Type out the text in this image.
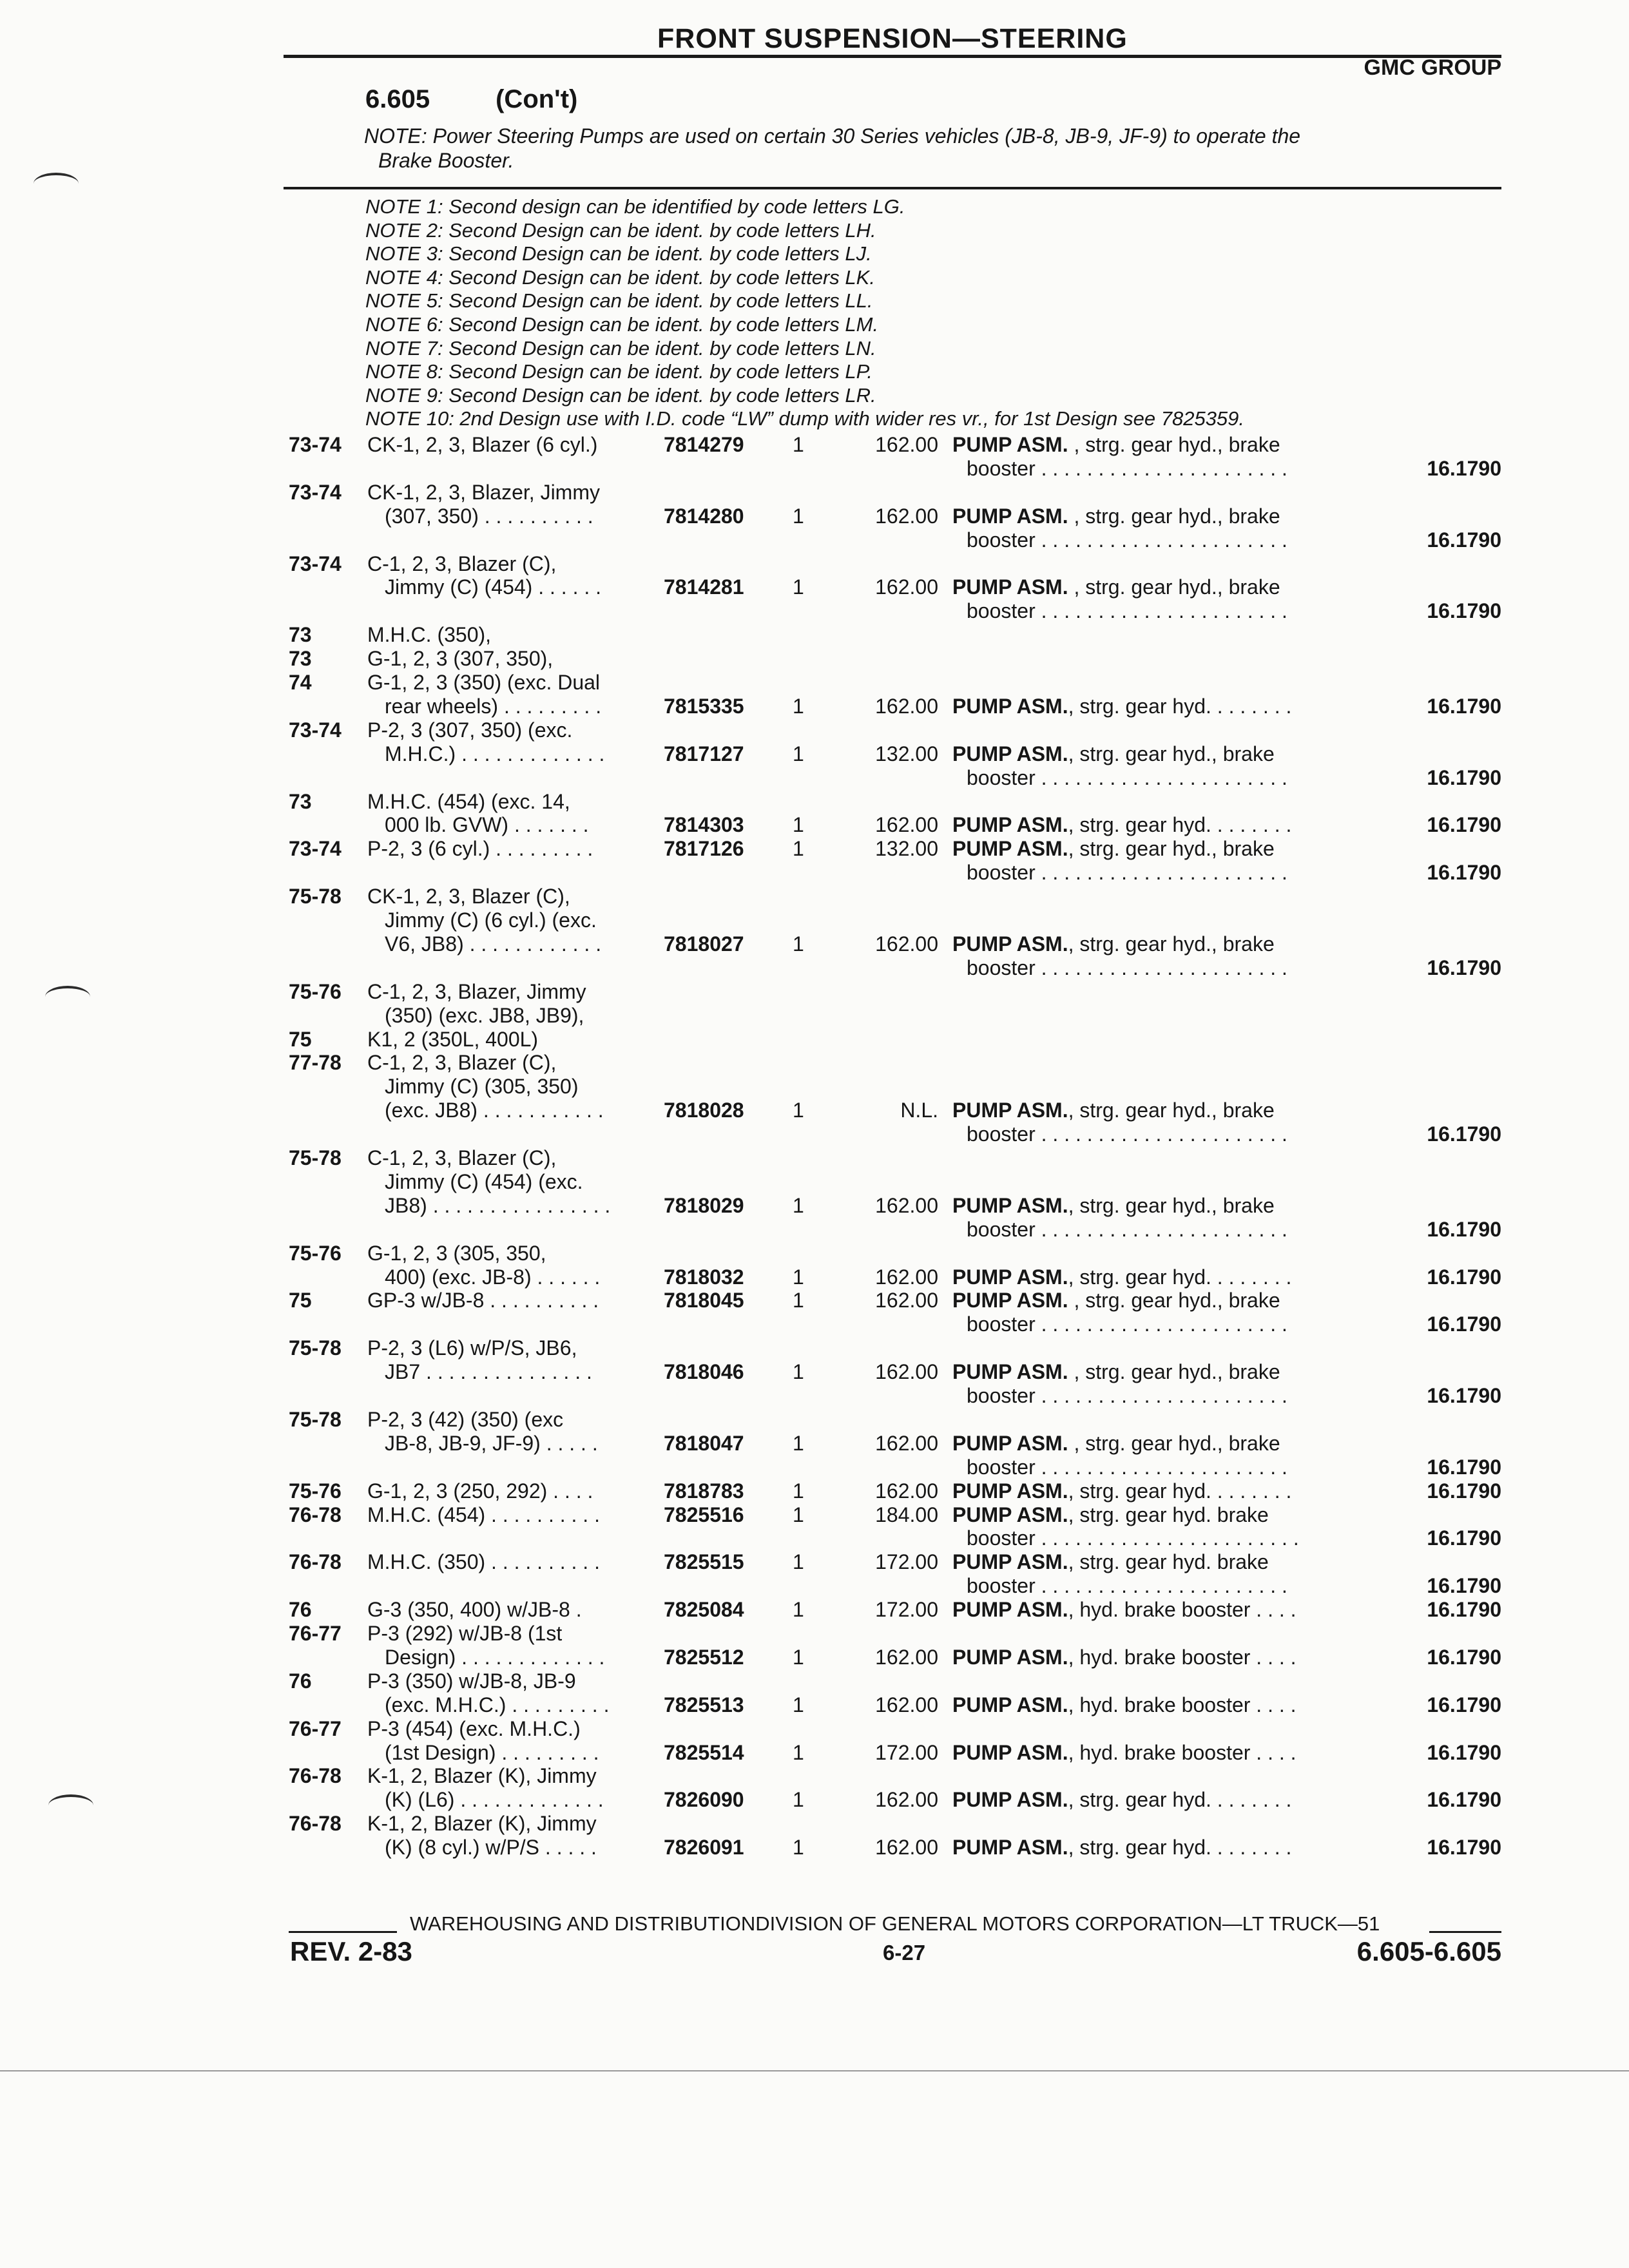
FRONT SUSPENSION—STEERING
GMC GROUP
6.605	(Con't)
NOTE: Power Steering Pumps are used on certain 30 Series vehicles (JB-8, JB-9, JF-9) to operate the
Brake Booster.
NOTE 1: Second design can be identified by code letters LG.
NOTE 2: Second Design can be ident. by code letters LH.
NOTE 3: Second Design can be ident. by code letters LJ.
NOTE 4: Second Design can be ident. by code letters LK.
NOTE 5: Second Design can be ident. by code letters LL.
NOTE 6: Second Design can be ident. by code letters LM.
NOTE 7: Second Design can be ident. by code letters LN.
NOTE 8: Second Design can be ident. by code letters LP.
NOTE 9: Second Design can be ident. by code letters LR.
NOTE 10: 2nd Design use with I.D. code “LW” dump with wider res vr., for 1st Design see 7825359.
73-74 CK-1, 2, 3, Blazer (6 cyl.)	7814279 1	162.00 PUMP ASM. , strg. gear hyd., brake
booster . . . . . . . . . . . . . . . . . . . . . .	16.1790
73-74 CK-1, 2, 3, Blazer, Jimmy
(307, 350) . . . . . . . . . .	7814280 1	162.00 PUMP ASM. , strg. gear hyd., brake
booster . . . . . . . . . . . . . . . . . . . . . .	16.1790
73-74 C-1, 2, 3, Blazer (C),
Jimmy (C) (454) . . . . . .	7814281 1	162.00 PUMP ASM. , strg. gear hyd., brake
booster . . . . . . . . . . . . . . . . . . . . . .	16.1790
73	M.H.C. (350),
73	G-1, 2, 3 (307, 350),
74	G-1, 2, 3 (350) (exc. Dual
rear wheels) . . . . . . . . .	7815335 1	162.00 PUMP ASM., strg. gear hyd. . . . . . . .	16.1790
73-74 P-2, 3 (307, 350) (exc.
M.H.C.) . . . . . . . . . . . . .	7817127 1	132.00 PUMP ASM., strg. gear hyd., brake
booster . . . . . . . . . . . . . . . . . . . . . .	16.1790
73	M.H.C. (454) (exc. 14,
000 lb. GVW) . . . . . . .	7814303 1	162.00 PUMP ASM., strg. gear hyd. . . . . . . .	16.1790
73-74 P-2, 3 (6 cyl.) . . . . . . . . .	7817126 1	132.00 PUMP ASM., strg. gear hyd., brake
booster . . . . . . . . . . . . . . . . . . . . . .	16.1790
75-78 CK-1, 2, 3, Blazer (C),
Jimmy (C) (6 cyl.) (exc.
V6, JB8) . . . . . . . . . . . .	7818027 1	162.00 PUMP ASM., strg. gear hyd., brake
booster . . . . . . . . . . . . . . . . . . . . . .	16.1790
75-76 C-1, 2, 3, Blazer, Jimmy
(350) (exc. JB8, JB9),
75	K1, 2 (350L, 400L)
77-78 C-1, 2, 3, Blazer (C),
Jimmy (C) (305, 350)
(exc. JB8) . . . . . . . . . . .	7818028 1	N.L. PUMP ASM., strg. gear hyd., brake
booster . . . . . . . . . . . . . . . . . . . . . .	16.1790
75-78 C-1, 2, 3, Blazer (C),
Jimmy (C) (454) (exc.
JB8) . . . . . . . . . . . . . . . .	7818029 1	162.00 PUMP ASM., strg. gear hyd., brake
booster . . . . . . . . . . . . . . . . . . . . . .	16.1790
75-76 G-1, 2, 3 (305, 350,
400) (exc. JB-8) . . . . . .	7818032 1	162.00 PUMP ASM., strg. gear hyd. . . . . . . .	16.1790
75	GP-3 w/JB-8 . . . . . . . . . .	7818045 1	162.00 PUMP ASM. , strg. gear hyd., brake
booster . . . . . . . . . . . . . . . . . . . . . .	16.1790
75-78 P-2, 3 (L6) w/P/S, JB6,
JB7 . . . . . . . . . . . . . . .	7818046 1	162.00 PUMP ASM. , strg. gear hyd., brake
booster . . . . . . . . . . . . . . . . . . . . . .	16.1790
75-78 P-2, 3 (42) (350) (exc
JB-8, JB-9, JF-9) . . . . .	7818047 1	162.00 PUMP ASM. , strg. gear hyd., brake
booster . . . . . . . . . . . . . . . . . . . . . .	16.1790
75-76 G-1, 2, 3 (250, 292) . . . .	7818783 1	162.00 PUMP ASM., strg. gear hyd. . . . . . . .	16.1790
76-78 M.H.C. (454) . . . . . . . . . .	7825516 1	184.00 PUMP ASM., strg. gear hyd. brake
booster . . . . . . . . . . . . . . . . . . . . . . .	16.1790
76-78 M.H.C. (350) . . . . . . . . . .	7825515 1	172.00 PUMP ASM., strg. gear hyd. brake
booster . . . . . . . . . . . . . . . . . . . . . .	16.1790
76	G-3 (350, 400) w/JB-8 .	7825084 1	172.00 PUMP ASM., hyd. brake booster . . . .	16.1790
76-77 P-3 (292) w/JB-8 (1st
Design) . . . . . . . . . . . . .	7825512 1	162.00 PUMP ASM., hyd. brake booster . . . .	16.1790
76	P-3 (350) w/JB-8, JB-9
(exc. M.H.C.) . . . . . . . . .	7825513 1	162.00 PUMP ASM., hyd. brake booster . . . .	16.1790
76-77 P-3 (454) (exc. M.H.C.)
(1st Design) . . . . . . . . .	7825514 1	172.00 PUMP ASM., hyd. brake booster . . . .	16.1790
76-78 K-1, 2, Blazer (K), Jimmy
(K) (L6) . . . . . . . . . . . . .	7826090 1	162.00 PUMP ASM., strg. gear hyd. . . . . . . .	16.1790
76-78 K-1, 2, Blazer (K), Jimmy
(K) (8 cyl.) w/P/S . . . . .	7826091 1	162.00 PUMP ASM., strg. gear hyd. . . . . . . .	16.1790
WAREHOUSING AND DISTRIBUTIONDIVISION OF GENERAL MOTORS CORPORATION—LT TRUCK—51
REV. 2-83	6-27	6.605-6.605
